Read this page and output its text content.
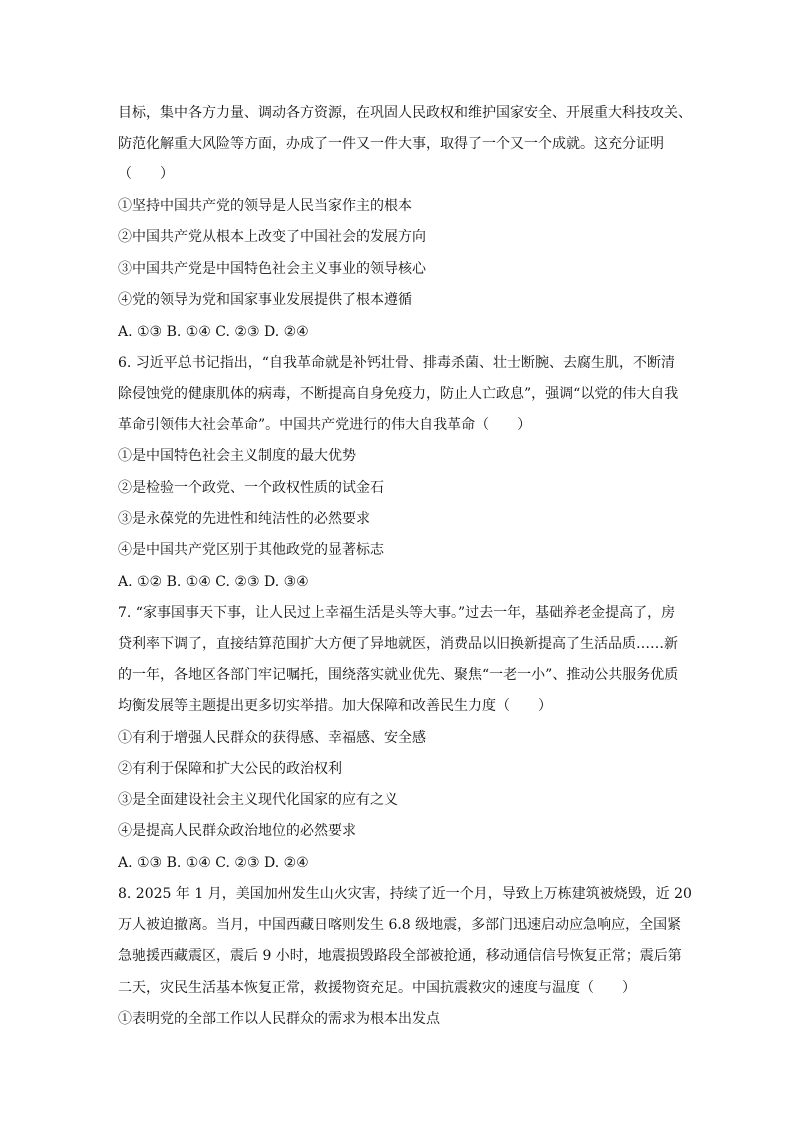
目标，集中各方力量、调动各方资源，在巩固人民政权和维护国家安全、开展重大科技攻关、
防范化解重大风险等方面，办成了一件又一件大事，取得了一个又一个成就。这充分证明
（　　）
①坚持中国共产党的领导是人民当家作主的根本
②中国共产党从根本上改变了中国社会的发展方向
③中国共产党是中国特色社会主义事业的领导核心
④党的领导为党和国家事业发展提供了根本遵循
A. ①③ B. ①④ C. ②③ D. ②④
6. 习近平总书记指出，“自我革命就是补钙壮骨、排毒杀菌、壮士断腕、去腐生肌，不断清
除侵蚀党的健康肌体的病毒，不断提高自身免疫力，防止人亡政息”，强调“以党的伟大自我
革命引领伟大社会革命”。中国共产党进行的伟大自我革命（　　）
①是中国特色社会主义制度的最大优势
②是检验一个政党、一个政权性质的试金石
③是永葆党的先进性和纯洁性的必然要求
④是中国共产党区别于其他政党的显著标志
A. ①② B. ①④ C. ②③ D. ③④
7. “家事国事天下事，让人民过上幸福生活是头等大事。”过去一年，基础养老金提高了，房
贷利率下调了，直接结算范围扩大方便了异地就医，消费品以旧换新提高了生活品质……新
的一年，各地区各部门牢记嘱托，围绕落实就业优先、聚焦“一老一小”、推动公共服务优质
均衡发展等主题提出更多切实举措。加大保障和改善民生力度（　　）
①有利于增强人民群众的获得感、幸福感、安全感
②有利于保障和扩大公民的政治权利
③是全面建设社会主义现代化国家的应有之义
④是提高人民群众政治地位的必然要求
A. ①③ B. ①④ C. ②③ D. ②④
8. 2025 年 1 月，美国加州发生山火灾害，持续了近一个月，导致上万栋建筑被烧毁，近 20
万人被迫撤离。当月，中国西藏日喀则发生 6.8 级地震，多部门迅速启动应急响应，全国紧
急驰援西藏震区，震后 9 小时，地震损毁路段全部被抢通，移动通信信号恢复正常；震后第
二天，灾民生活基本恢复正常，救援物资充足。中国抗震救灾的速度与温度（　　）
①表明党的全部工作以人民群众的需求为根本出发点
